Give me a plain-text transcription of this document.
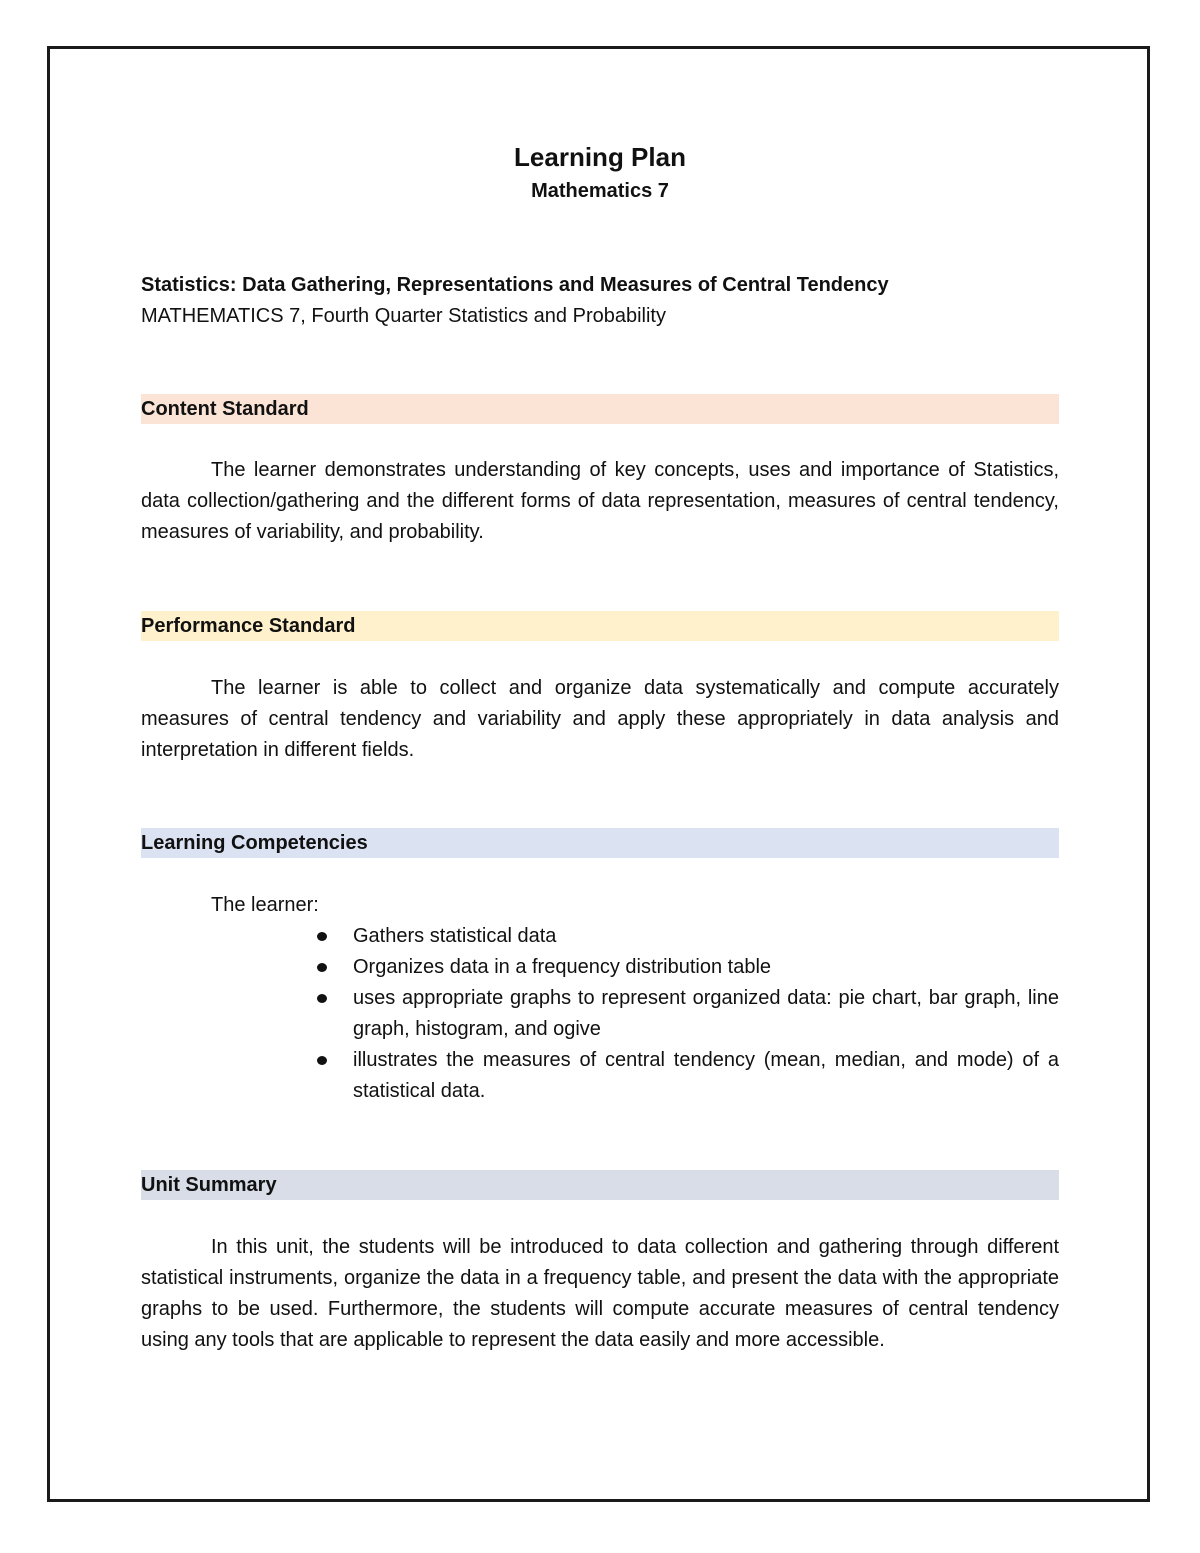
Learning Plan
Mathematics 7
Statistics: Data Gathering, Representations and Measures of Central Tendency
MATHEMATICS 7, Fourth Quarter Statistics and Probability
Content Standard

The learner demonstrates understanding of key concepts, uses and importance of Statistics, data collection/gathering and the different forms of data representation, measures of central tendency, measures of variability, and probability.

Performance Standard

The learner is able to collect and organize data systematically and compute accurately measures of central tendency and variability and apply these appropriately in data analysis and interpretation in different fields.

Learning Competencies
The learner:
Gathers statistical data
Organizes data in a frequency distribution table
uses appropriate graphs to represent organized data: pie chart, bar graph, line graph, histogram, and ogive
illustrates the measures of central tendency (mean, median, and mode) of a statistical data.
Unit Summary

In this unit, the students will be introduced to data collection and gathering through different statistical instruments, organize the data in a frequency table, and present the data with the appropriate graphs to be used. Furthermore, the students will compute accurate measures of central tendency using any tools that are applicable to represent the data easily and more accessible.
